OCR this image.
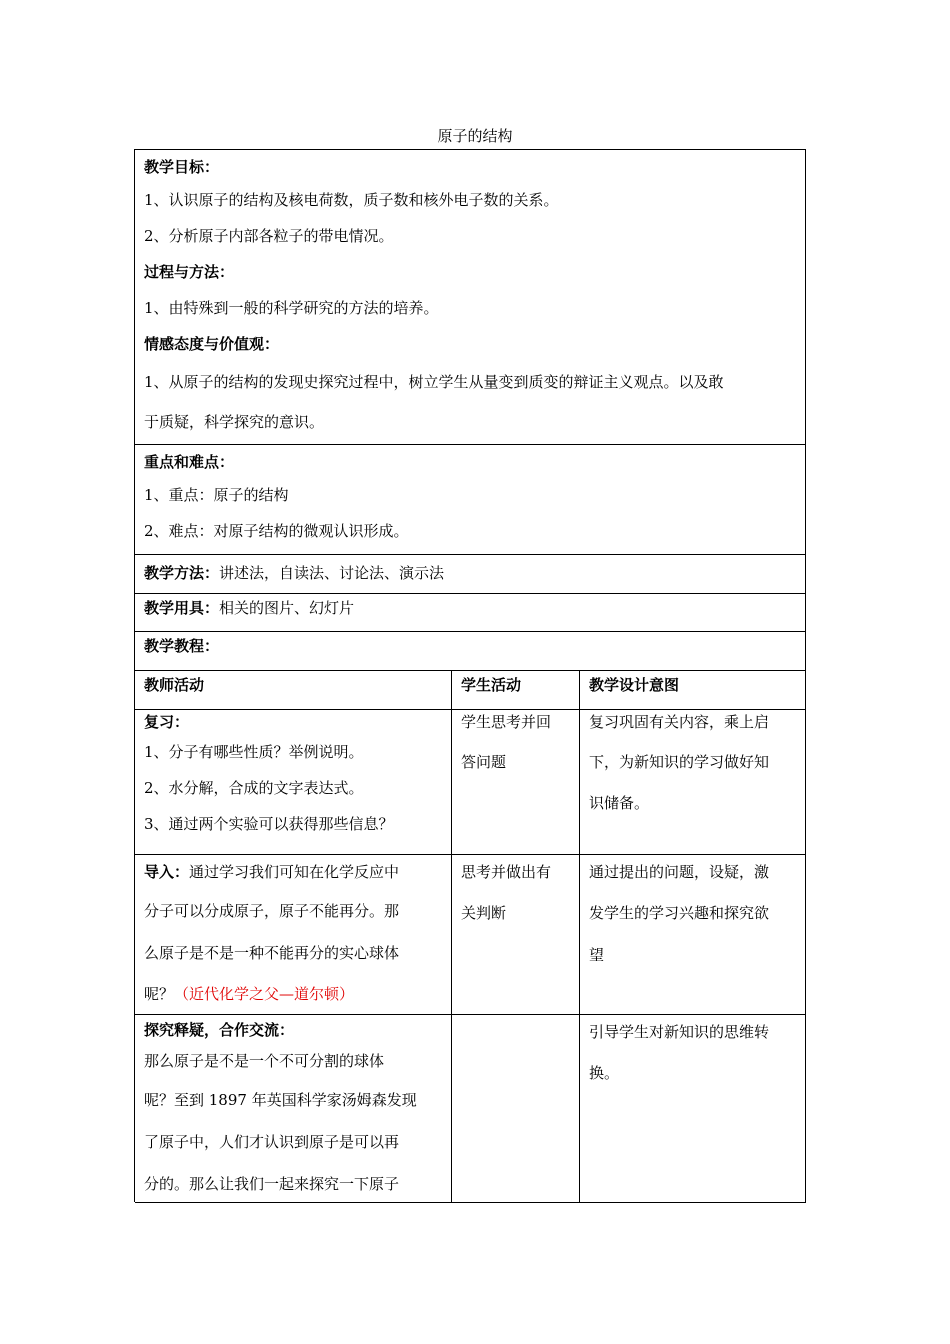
原子的结构
教学目标：
1、认识原子的结构及核电荷数，质子数和核外电子数的关系。
2、分析原子内部各粒子的带电情况。
过程与方法：
1、由特殊到一般的科学研究的方法的培养。
情感态度与价值观：
1、从原子的结构的发现史探究过程中，树立学生从量变到质变的辩证主义观点。以及敢
于质疑，科学探究的意识。
重点和难点：
1、重点：原子的结构
2、难点：对原子结构的微观认识形成。
教学方法：讲述法，自读法、讨论法、演示法
教学用具：相关的图片、幻灯片
教学教程：
教师活动	学生活动	教学设计意图
复习：
1、分子有哪些性质？举例说明。
2、水分解，合成的文字表达式。
3、通过两个实验可以获得那些信息？
学生思考并回
答问题
复习巩固有关内容，乘上启
下，为新知识的学习做好知
识储备。
导入：通过学习我们可知在化学反应中
分子可以分成原子，原子不能再分。那
么原子是不是一种不能再分的实心球体
呢？（近代化学之父—道尔顿）
思考并做出有
关判断
通过提出的问题，设疑，激
发学生的学习兴趣和探究欲
望
探究释疑，合作交流：
那么原子是不是一个不可分割的球体
呢？至到 1897 年英国科学家汤姆森发现
了原子中，人们才认识到原子是可以再
分的。那么让我们一起来探究一下原子
引导学生对新知识的思维转
换。
